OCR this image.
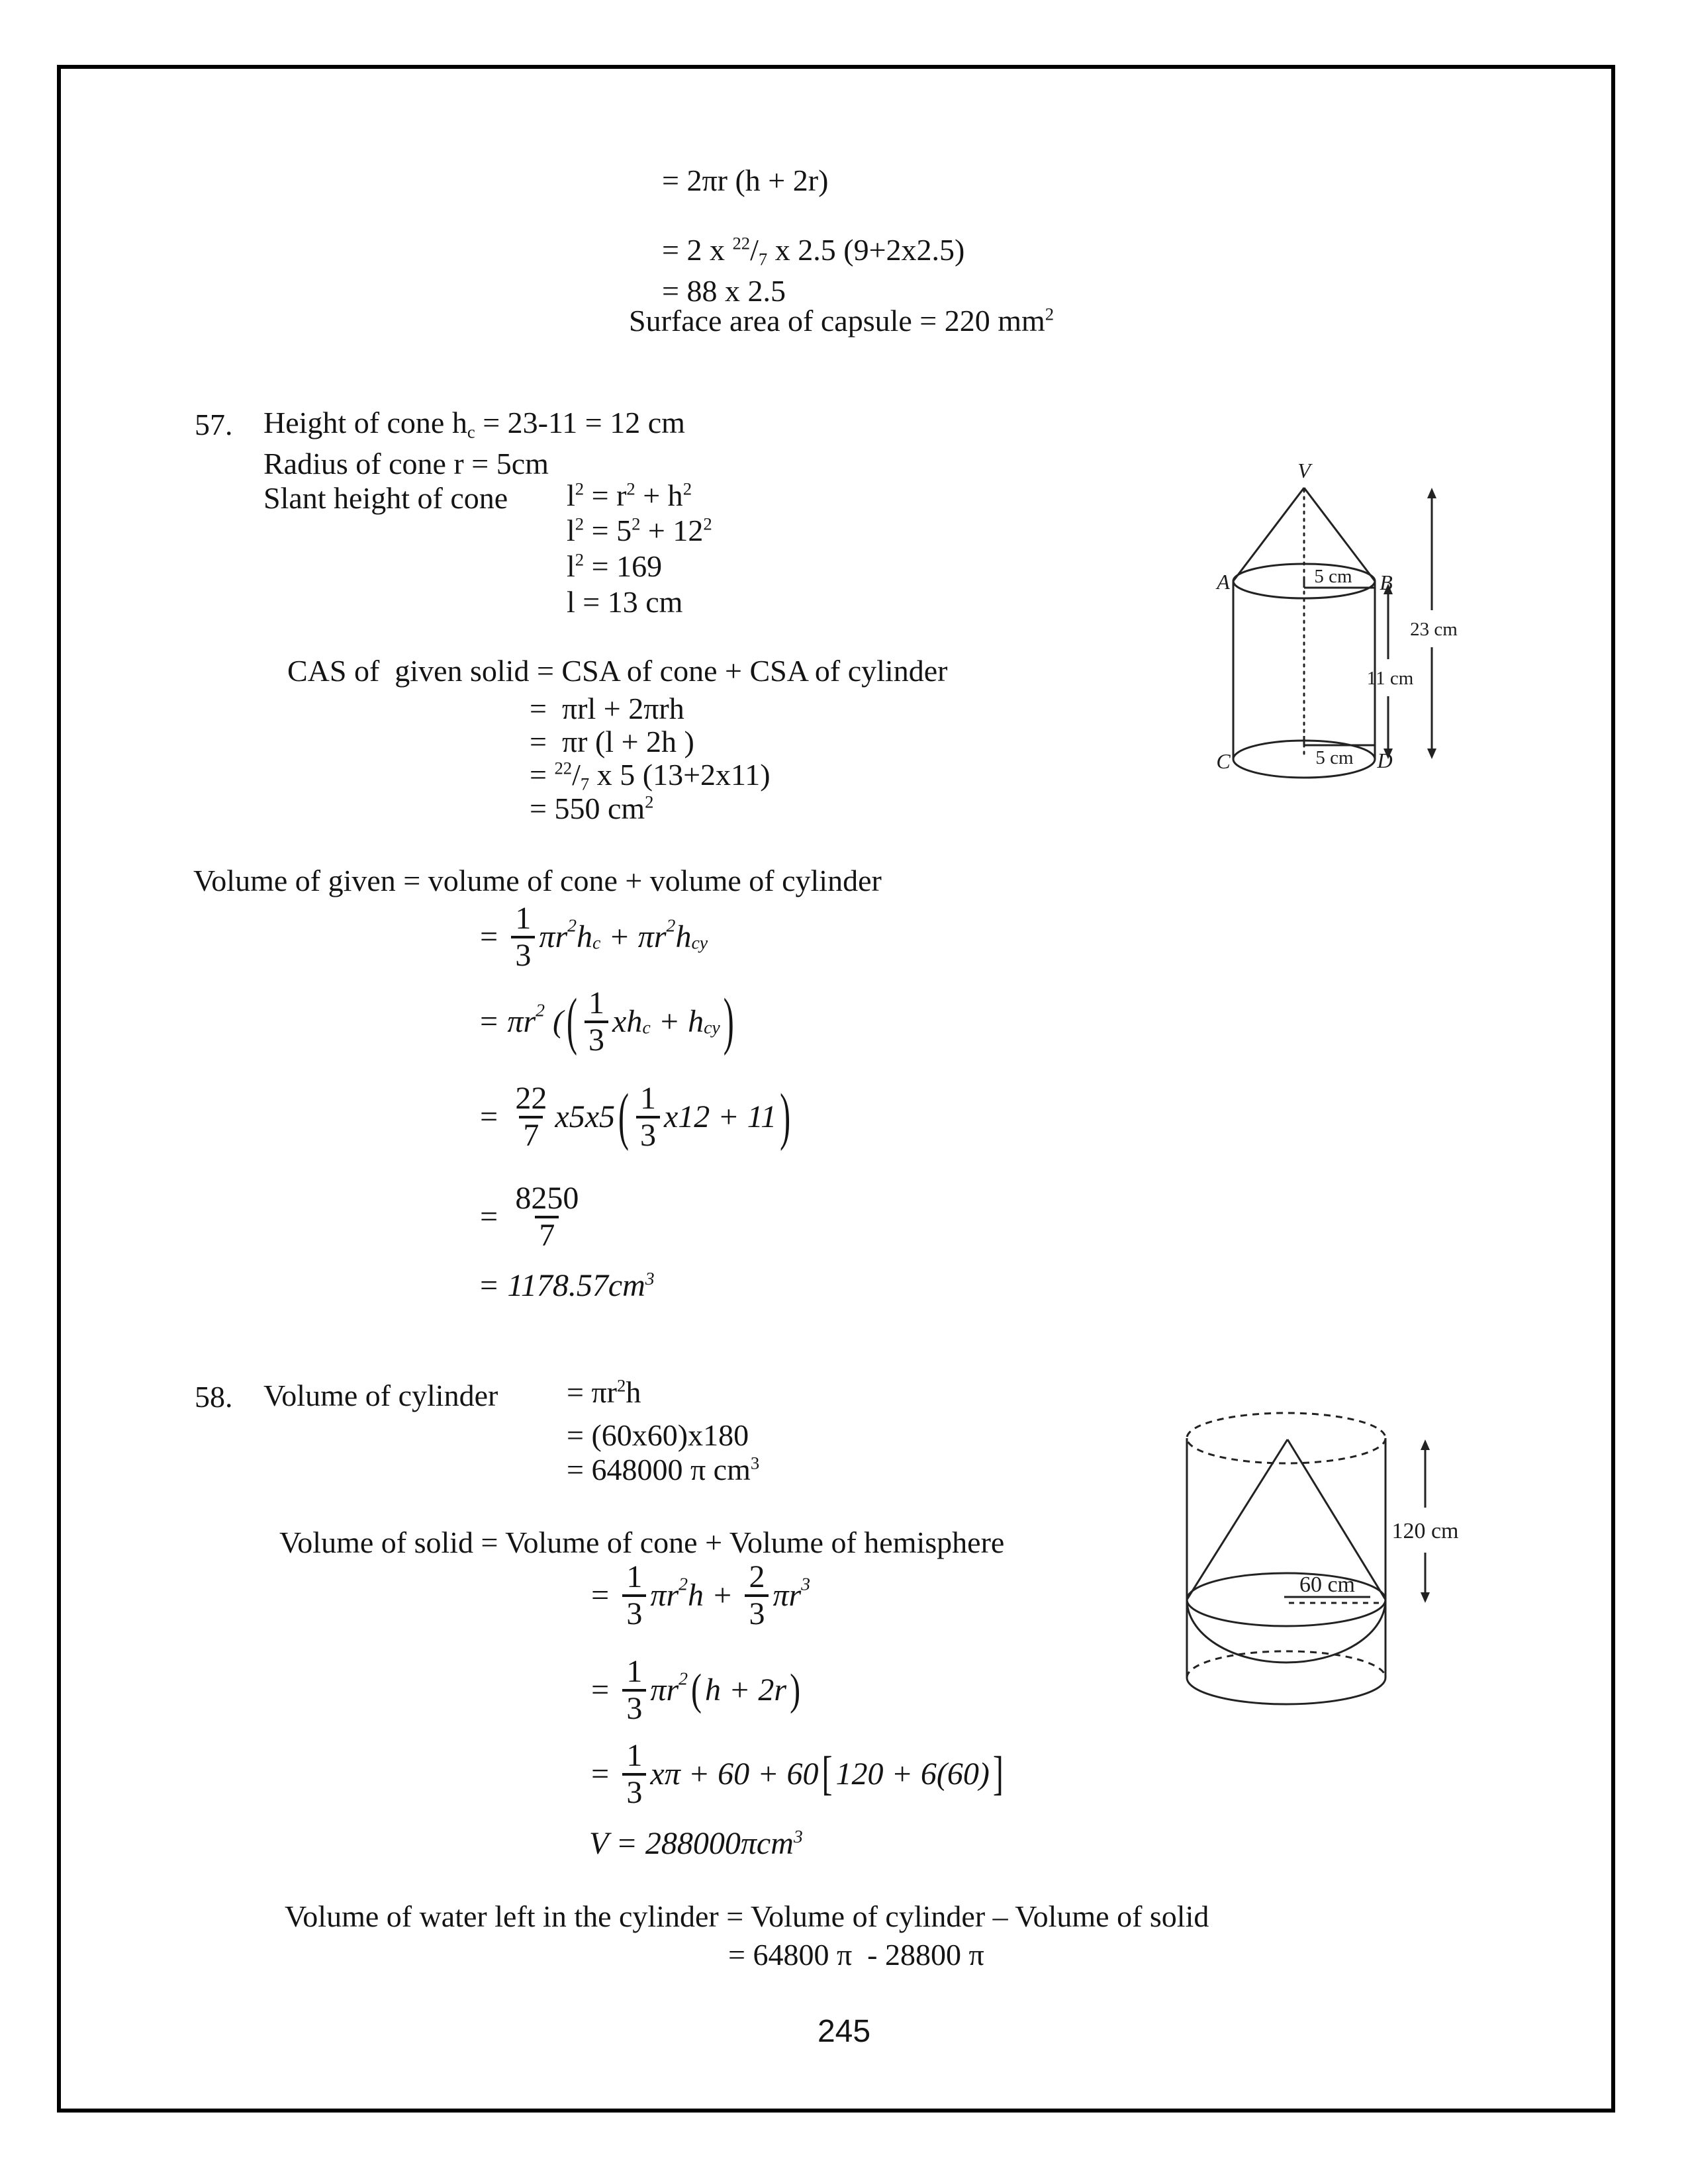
= 2πr (h + 2r)
= 2 x $^{22}/_7$ x 2.5 (9+2x2.5)
= 88 x 2.5
Surface area of capsule = 220 $mm^2$
57. Height of cone $h_c = 23-11 = 12$ cm
Radius of cone r = 5cm
Slant height of cone $l^2 = r^2 + h^2$
$l^2 = 5^2 + 12^2$
$l^2 = 169$
l = 13 cm
CAS of  given solid = CSA of cone + CSA of cylinder
=  πrl + 2πrh
=  πr (l + 2h )
= $^{22}/_7$ x 5 (13+2x11)
= 550 $cm^2$
Volume of given = volume of cone + volume of cylinder
= $\frac{1}{3}$ πr 2 h c + πr 2 h cy
= πr 2 ( ( $\frac{1}{3}$ xh c + h cy )
= $\frac{22}{7} x5x5$ ( $\frac{1}{3} x12 + 11$ )
= $\frac{8250}{7}$
= $1178.57cm^3$
58. Volume of cylinder = $\pi r^2h$
= (60x60)x180
= 648000 π $cm^3$
Volume of solid = Volume of cone + Volume of hemisphere
= $\frac{1}{3}$ πr 2 $h + \frac{2}{3}$ πr 3
= $\frac{1}{3}$ πr 2 ( h + 2r )
= $\frac{1}{3}$ xπ + 60 + 60 [ 120 + 6(60) ]
V = 288000πcm$^3$
Volume of water left in the cylinder = Volume of cylinder – Volume of solid
= 64800 π  - 28800 π
V
A	B
C	D
5 cm
5 cm
11 cm
23 cm
60 cm
120 cm
245
